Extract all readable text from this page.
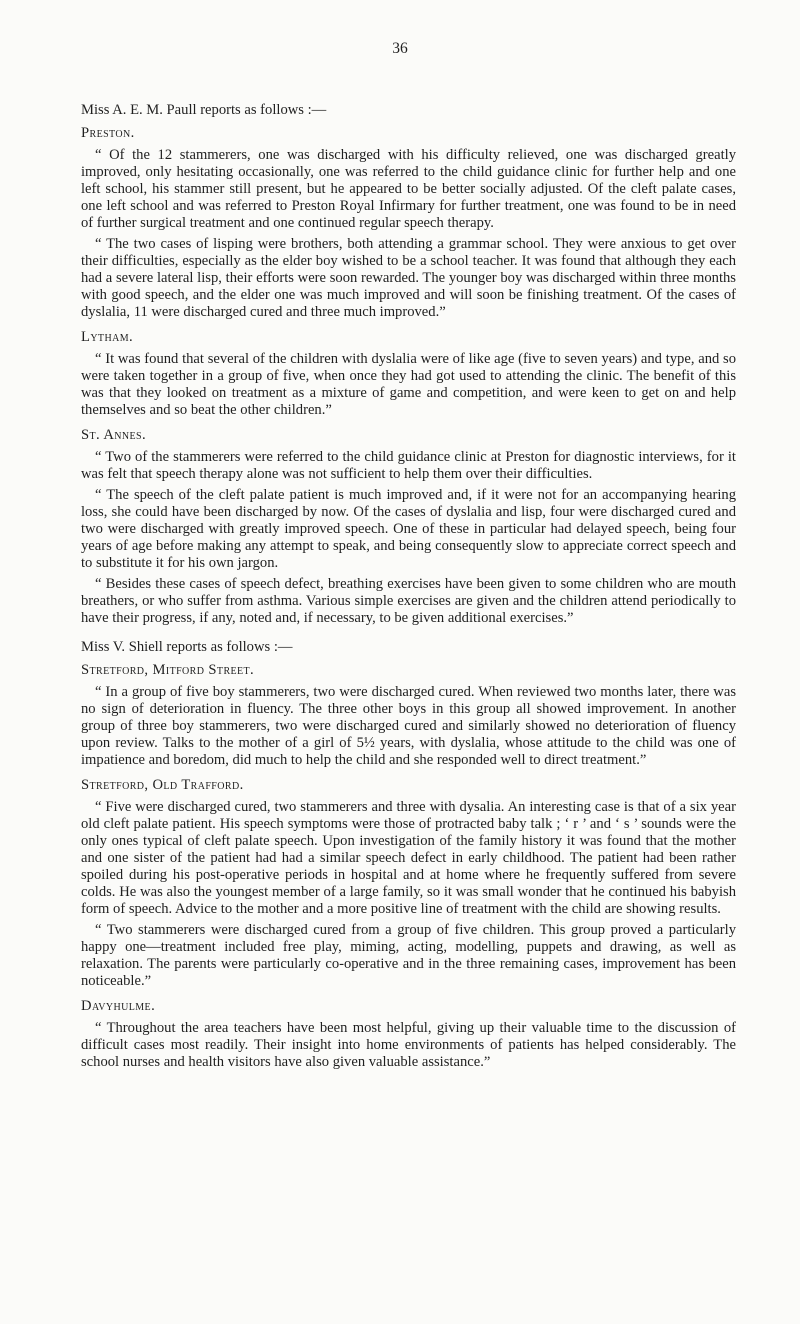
36

Miss A. E. M. Paull reports as follows :—

Preston.

“ Of the 12 stammerers, one was discharged with his difficulty relieved, one was discharged greatly improved, only hesitating occasionally, one was referred to the child guidance clinic for further help and one left school, his stammer still present, but he appeared to be better socially adjusted. Of the cleft palate cases, one left school and was referred to Preston Royal Infirmary for further treatment, one was found to be in need of further surgical treatment and one continued regular speech therapy.

“ The two cases of lisping were brothers, both attending a grammar school. They were anxious to get over their difficulties, especially as the elder boy wished to be a school teacher. It was found that although they each had a severe lateral lisp, their efforts were soon rewarded. The younger boy was discharged within three months with good speech, and the elder one was much improved and will soon be finishing treatment. Of the cases of dyslalia, 11 were discharged cured and three much improved.”

Lytham.

“ It was found that several of the children with dyslalia were of like age (five to seven years) and type, and so were taken together in a group of five, when once they had got used to attending the clinic. The benefit of this was that they looked on treatment as a mixture of game and competition, and were keen to get on and help themselves and so beat the other children.”

St. Annes.

“ Two of the stammerers were referred to the child guidance clinic at Preston for diagnostic interviews, for it was felt that speech therapy alone was not sufficient to help them over their difficulties.

“ The speech of the cleft palate patient is much improved and, if it were not for an accompanying hearing loss, she could have been discharged by now. Of the cases of dyslalia and lisp, four were discharged cured and two were discharged with greatly improved speech. One of these in particular had delayed speech, being four years of age before making any attempt to speak, and being consequently slow to appreciate correct speech and to substitute it for his own jargon.

“ Besides these cases of speech defect, breathing exercises have been given to some children who are mouth breathers, or who suffer from asthma. Various simple exercises are given and the children attend periodically to have their progress, if any, noted and, if necessary, to be given additional exercises.”

Miss V. Shiell reports as follows :—

Stretford, Mitford Street.

“ In a group of five boy stammerers, two were discharged cured. When reviewed two months later, there was no sign of deterioration in fluency. The three other boys in this group all showed improvement. In another group of three boy stammerers, two were discharged cured and similarly showed no deterioration of fluency upon review. Talks to the mother of a girl of 5½ years, with dyslalia, whose attitude to the child was one of impatience and boredom, did much to help the child and she responded well to direct treatment.”

Stretford, Old Trafford.

“ Five were discharged cured, two stammerers and three with dysalia. An interesting case is that of a six year old cleft palate patient. His speech symptoms were those of protracted baby talk ; ‘ r ’ and ‘ s ’ sounds were the only ones typical of cleft palate speech. Upon investigation of the family history it was found that the mother and one sister of the patient had had a similar speech defect in early childhood. The patient had been rather spoiled during his post-operative periods in hospital and at home where he frequently suffered from severe colds. He was also the youngest member of a large family, so it was small wonder that he continued his babyish form of speech. Advice to the mother and a more positive line of treatment with the child are showing results.

“ Two stammerers were discharged cured from a group of five children. This group proved a particularly happy one—treatment included free play, miming, acting, modelling, puppets and drawing, as well as relaxation. The parents were particularly co-operative and in the three remaining cases, improvement has been noticeable.”

Davyhulme.

“ Throughout the area teachers have been most helpful, giving up their valuable time to the discussion of difficult cases most readily. Their insight into home environments of patients has helped considerably. The school nurses and health visitors have also given valuable assistance.”
